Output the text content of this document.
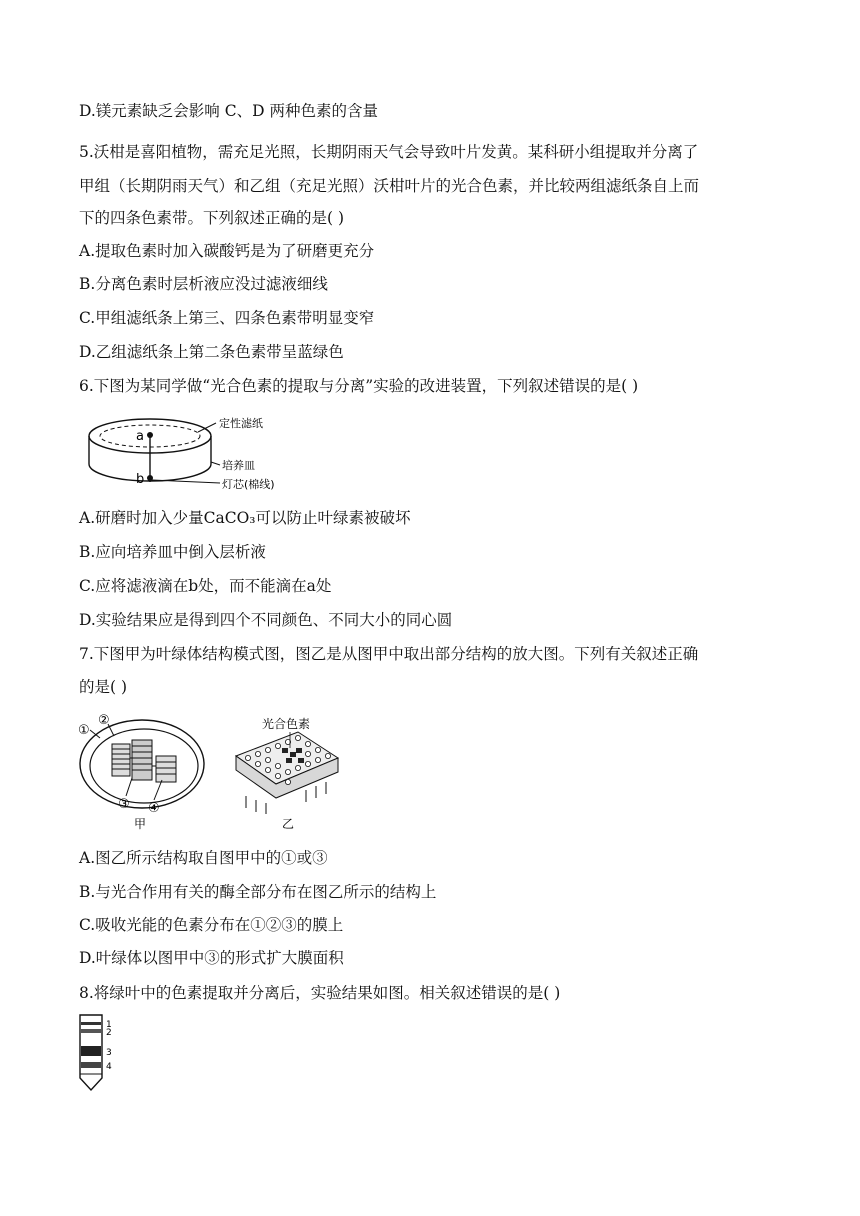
D.镁元素缺乏会影响 C、D 两种色素的含量
5.沃柑是喜阳植物，需充足光照，长期阴雨天气会导致叶片发黄。某科研小组提取并分离了
甲组（长期阴雨天气）和乙组（充足光照）沃柑叶片的光合色素，并比较两组滤纸条自上而
下的四条色素带。下列叙述正确的是( )
A.提取色素时加入碳酸钙是为了研磨更充分
B.分离色素时层析液应没过滤液细线
C.甲组滤纸条上第三、四条色素带明显变窄
D.乙组滤纸条上第二条色素带呈蓝绿色
6.下图为某同学做“光合色素的提取与分离”实验的改进装置，下列叙述错误的是( )
a
b
定性滤纸
培养皿
灯芯(棉线)
A.研磨时加入少量CaCO₃可以防止叶绿素被破坏
B.应向培养皿中倒入层析液
C.应将滤液滴在b处，而不能滴在a处
D.实验结果应是得到四个不同颜色、不同大小的同心圆
7.下图甲为叶绿体结构模式图，图乙是从图甲中取出部分结构的放大图。下列有关叙述正确
的是( )
①
②
③ ④
甲
光合色素
乙
A.图乙所示结构取自图甲中的①或③
B.与光合作用有关的酶全部分布在图乙所示的结构上
C.吸收光能的色素分布在①②③的膜上
D.叶绿体以图甲中③的形式扩大膜面积
8.将绿叶中的色素提取并分离后，实验结果如图。相关叙述错误的是( )
1
2
3
4
